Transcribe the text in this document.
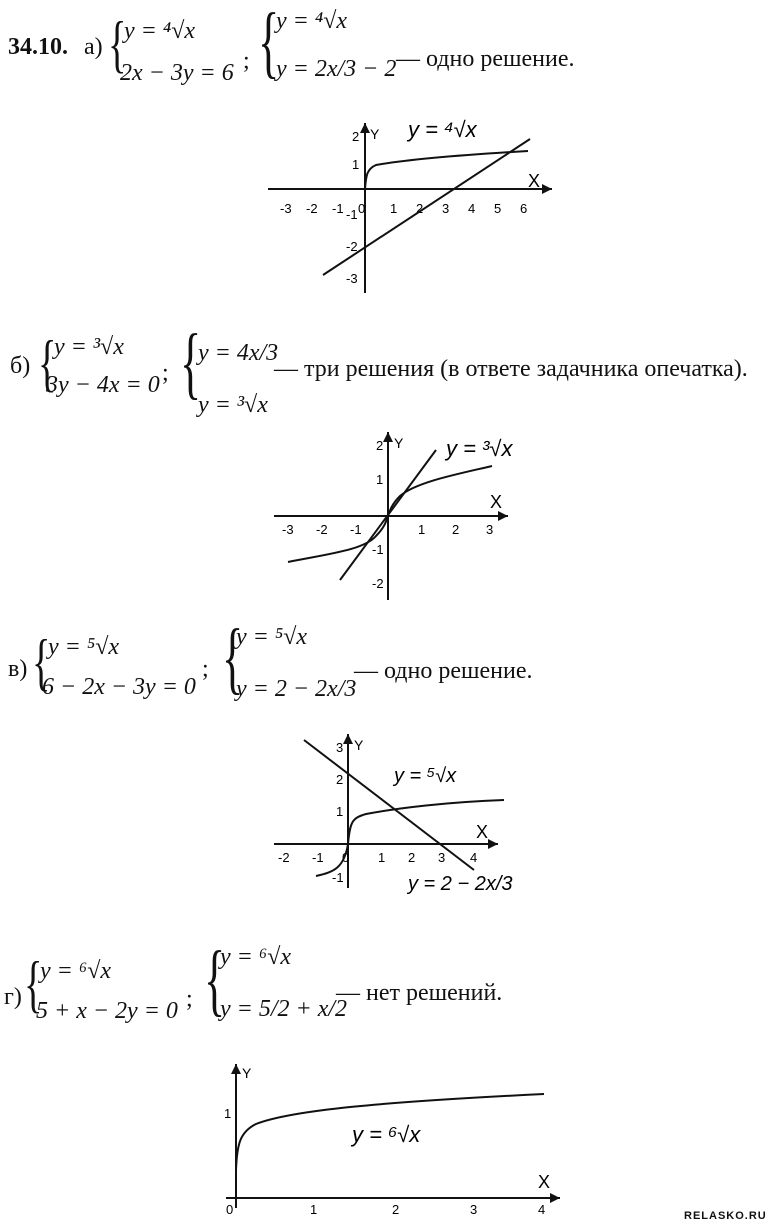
34.10. а) {
y = ⁴√x
2x − 3y = 6 ; {
y = ⁴√x
y = 2x/3 − 2 — одно решение.
X
Y
-3 -2 -1 0 1 2 3 4 5 6
2
1
-1
-2
-3
y = ⁴√x
б) {
y = ³√x
3y − 4x = 0 ; {
y = 4x/3
y = ³√x
— три решения (в ответе задачника опечатка).
X
Y
-3 -2 -1	1 2 3
2
1
-1
-2
y = ³√x
в) {
y = ⁵√x
6 − 2x − 3y = 0
; {
y = ⁵√x
y = 2 − 2x/3
— одно решение.
X
Y
-2 -1 0 1 2 3 4
3
2
1
-1
y = ⁵√x
y = 2 − 2x/3
г) {
y = ⁶√x
5 + x − 2y = 0 ; {
y = ⁶√x
y = 5/2 + x/2
— нет решений.
X
Y
0	1	2	3	4
1
y = ⁶√x
RELASKO.RU
